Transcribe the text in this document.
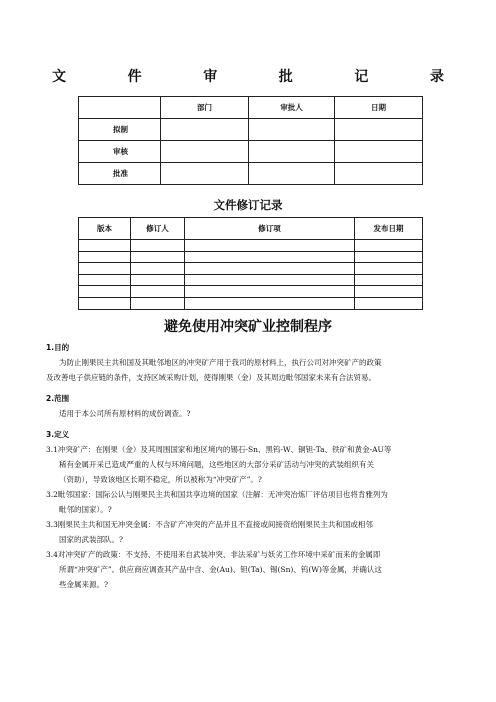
文	件	审	批	记	录
	部门	审批人	日期
拟制			
审核			
批准			
文件修订记录
版本	修订人	修订项	发布日期

避免使用冲突矿业控制程序
1.目的
为防止刚果民主共和国及其毗邻地区的冲突矿产用于我司的原材料上，执行公司对冲突矿产的政策
及改善电子供应链的条件，支持区域采购计划，使得刚果（金）及其周边毗邻国家未来有合法贸易。
2.范围
适用于本公司所有原材料的成份调查。?
3.定义
3.1冲突矿产：在刚果（金）及其周围国家和地区境内的锡石-Sn、黑钨-W、铜钽-Ta、铁矿和黄金-AU等
稀有金属开采已造成严重的人权与环境问题，这些地区的大部分采矿活动与冲突的武装组织有关
（资助），导致该地区长期不稳定，所以被称为“冲突矿产”。?
3.2毗邻国家：国际公认与刚果民主共和国共享边境的国家（注解：无冲突冶炼厂评估项目也将肯雅列为
毗邻的国家）。?
3.3刚果民主共和国无冲突金属：不含矿产冲突的产品并且不直接或间接资给刚果民主共和国或相邻
国家的武装部队。?
3.4对冲突矿产的政策：不支持、不使用来自武装冲突、非法采矿与妖劣工作环境中采矿而来的金属即
所谓“冲突矿产”。供应商应调查其产品中含、金(Au)、钽(Ta)、锡(Sn)、钨(W)等金属，并确认这
些金属来源。?
